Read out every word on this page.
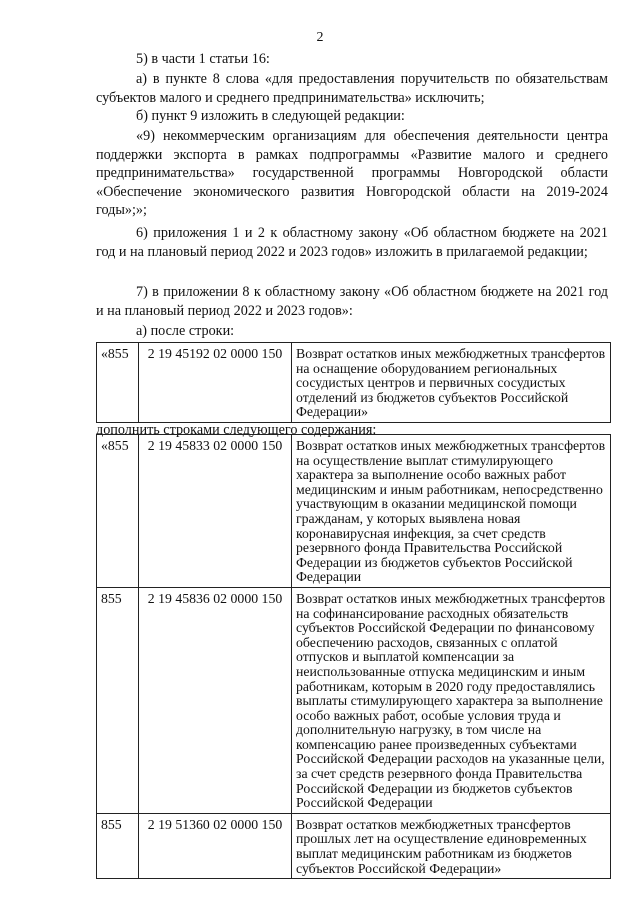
2

5) в части 1 статьи 16:

а) в пункте 8 слова «для предоставления поручительств по обязательствам субъектов малого и среднего предпринимательства» исключить;

б) пункт 9 изложить в следующей редакции:

«9) некоммерческим организациям для обеспечения деятельности центра поддержки экспорта в рамках подпрограммы «Развитие малого и среднего предпринимательства» государственной программы Новгородской области «Обеспечение экономического развития Новгородской области на 2019-2024 годы»;»;

6) приложения 1 и 2 к областному закону «Об областном бюджете на 2021 год и на плановый период 2022 и 2023 годов» изложить в прилагаемой редакции;

7) в приложении 8 к областному закону «Об областном бюджете на 2021 год и на плановый период 2022 и 2023 годов»:

а) после строки:

«855	2 19 45192 02 0000 150	Возврат остатков иных межбюджетных трансфертов на оснащение оборудованием региональных сосудистых центров и первичных сосудистых отделений из бюджетов субъектов Российской Федерации»

дополнить строками следующего содержания:

«855	2 19 45833 02 0000 150	Возврат остатков иных межбюджетных трансфертов на осуществление выплат стимулирующего характера за выполнение особо важных работ медицинским и иным работникам, непосредственно участвующим в оказании медицинской помощи гражданам, у которых выявлена новая коронавирусная инфекция, за счет средств резервного фонда Правительства Российской Федерации из бюджетов субъектов Российской Федерации
855	2 19 45836 02 0000 150	Возврат остатков иных межбюджетных трансфертов на софинансирование расходных обязательств субъектов Российской Федерации по финансовому обеспечению расходов, связанных с оплатой отпусков и выплатой компенсации за неиспользованные отпуска медицинским и иным работникам, которым в 2020 году предоставлялись выплаты стимулирующего характера за выполнение особо важных работ, особые условия труда и дополнительную нагрузку, в том числе на компенсацию ранее произведенных субъектами Российской Федерации расходов на указанные цели, за счет средств резервного фонда Правительства Российской Федерации из бюджетов субъектов Российской Федерации
855	2 19 51360 02 0000 150	Возврат остатков межбюджетных трансфертов прошлых лет на осуществление единовременных выплат медицинским работникам из бюджетов субъектов Российской Федерации»
